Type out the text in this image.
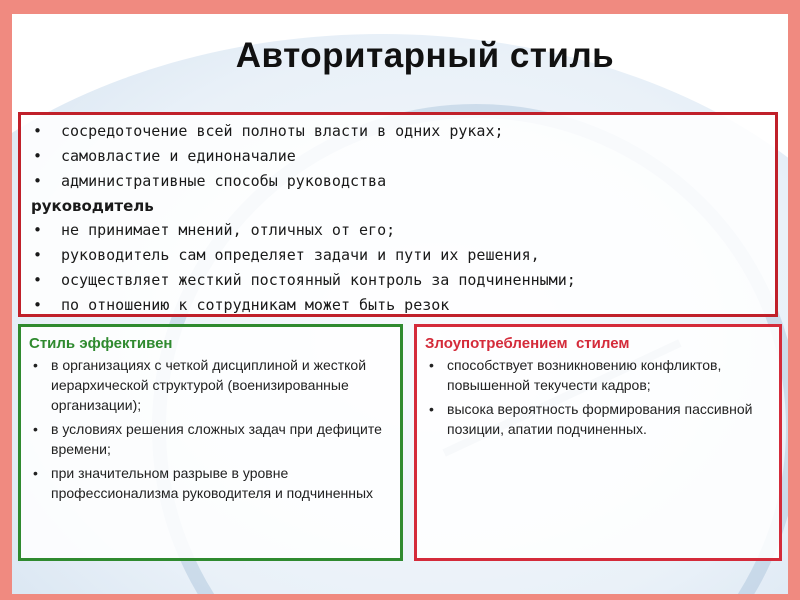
Авторитарный стиль
• сосредоточение всей полноты власти в одних руках;
• самовластие и единоначалие
• административные способы руководства
руководитель
• не принимает мнений, отличных от его;
• руководитель сам определяет задачи и пути их решения,
• осуществляет жесткий постоянный контроль за подчиненными;
• по отношению к сотрудникам может быть резок
Стиль эффективен
• в организациях с четкой дисциплиной и жесткой иерархической структурой (военизированные организации);
• в условиях решения сложных задач при дефиците времени;
• при значительном разрыве в уровне профессионализма руководителя и подчиненных
Злоупотреблением  стилем
• способствует возникновению конфликтов, повышенной текучести кадров;
• высока вероятность формирования пассивной позиции, апатии подчиненных.
